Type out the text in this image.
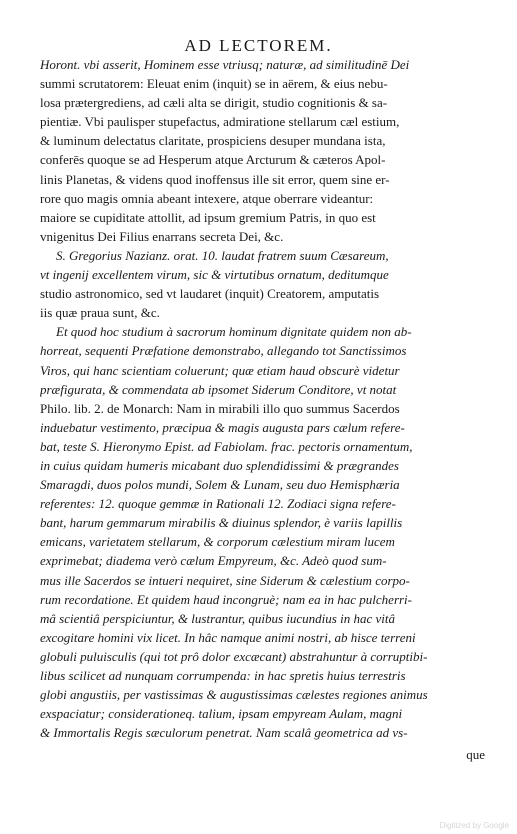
AD LECTOREM.
Horont. vbi asserit, Hominem esse vtriusq; naturæ, ad similitudinē Dei
summi scrutatorem: Eleuat enim (inquit) se in aërem, & eius nebu-
losa prætergrediens, ad cæli alta se dirigit, studio cognitionis & sa-
pientiæ. Vbi paulisper stupefactus, admiratione stellarum cæl estium,
& luminum delectatus claritate, prospiciens desuper mundana ista,
conferēs quoque se ad Hesperum atque Arcturum & cæteros Apol-
linis Planetas, & videns quod inoffensus ille sit error, quem sine er-
rore quo magis omnia abeant intexere, atque oberrare videantur:
maiore se cupiditate attollit, ad ipsum gremium Patris, in quo est
vnigenitus Dei Filius enarrans secreta Dei, &c.
S. Gregorius Nazianz. orat. 10. laudat fratrem suum Cæsareum,
vt ingenij excellentem virum, sic & virtutibus ornatum, deditumque
studio astronomico, sed vt laudaret (inquit) Creatorem, amputatis
iis quæ praua sunt, &c.
Et quod hoc studium à sacrorum hominum dignitate quidem non ab-
horreat, sequenti Præfatione demonstrabo, allegando tot Sanctissimos
Viros, qui hanc scientiam coluerunt; quæ etiam haud obscurè videtur
præfigurata, & commendata ab ipsomet Siderum Conditore, vt notat
Philo. lib. 2. de Monarch: Nam in mirabili illo quo summus Sacerdos
induebatur vestimento, præcipua & magis augusta pars cælum refere-
bat, teste S. Hieronymo Epist. ad Fabiolam. frac. pectoris ornamentum,
in cuius quidam humeris micabant duo splendidissimi & prægrandes
Smaragdi, duos polos mundi, Solem & Lunam, seu duo Hemisphæria
referentes: 12. quoque gemmæ in Rationali 12. Zodiaci signa refere-
bant, harum gemmarum mirabilis & diuinus splendor, è variis lapillis
emicans, varietatem stellarum, & corporum cælestium miram lucem
exprimebat; diadema verò cælum Empyreum, &c. Adeò quod sum-
mus ille Sacerdos se intueri nequiret, sine Siderum & cælestium corpo-
rum recordatione. Et quidem haud incongruè; nam ea in hac pulcherri-
mâ scientiâ perspiciuntur, & lustrantur, quibus iucundius in hac vitâ
excogitare homini vix licet. In hâc namque animi nostri, ab hisce terreni
globuli puluisculis (qui tot prô dolor excæcant) abstrahuntur à corruptibi-
libus scilicet ad nunquam corrumpenda: in hac spretis huius terrestris
globi angustiis, per vastissimas & augustissimas cælestes regiones animus
exspaciatur; considerationeq. talium, ipsam empyream Aulam, magni
& Immortalis Regis sæculorum penetrat. Nam scalâ geometrica ad vs-
que
Digitized by Google
